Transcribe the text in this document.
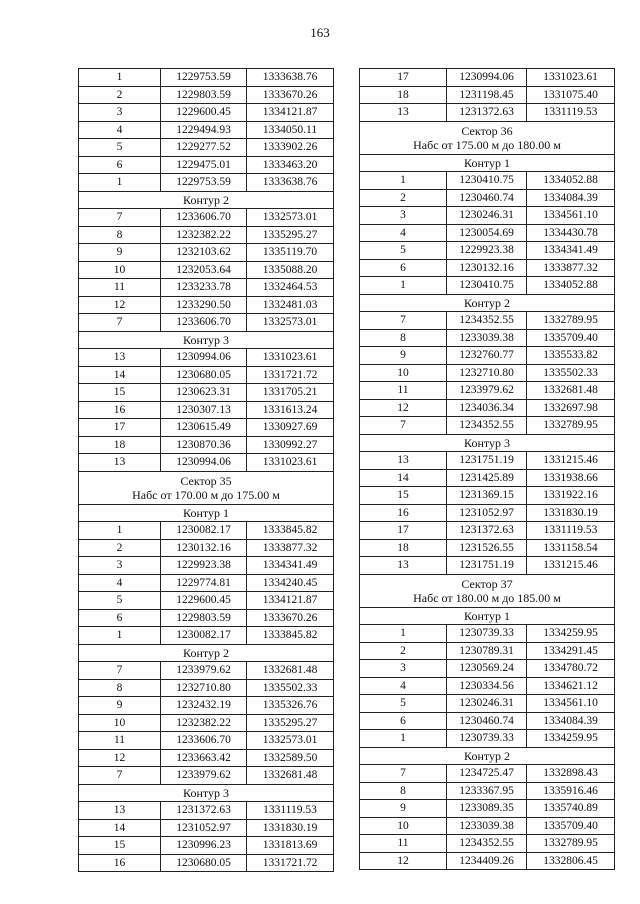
163
1	1229753.59	1333638.76
2	1229803.59	1333670.26
3	1229600.45	1334121.87
4	1229494.93	1334050.11
5	1229277.52	1333902.26
6	1229475.01	1333463.20
1	1229753.59	1333638.76
Контур 2		
7	1233606.70	1332573.01
8	1232382.22	1335295.27
9	1232103.62	1335119.70
10	1232053.64	1335088.20
11	1233233.78	1332464.53
12	1233290.50	1332481.03
7	1233606.70	1332573.01
Контур 3		
13	1230994.06	1331023.61
14	1230680.05	1331721.72
15	1230623.31	1331705.21
16	1230307.13	1331613.24
17	1230615.49	1330927.69
18	1230870.36	1330992.27
13	1230994.06	1331023.61

Сектор 35
Набс от 170.00 м до 175.00 м		

Контур 1		
1	1230082.17	1333845.82
2	1230132.16	1333877.32
3	1229923.38	1334341.49
4	1229774.81	1334240.45
5	1229600.45	1334121.87
6	1229803.59	1333670.26
1	1230082.17	1333845.82
Контур 2		
7	1233979.62	1332681.48
8	1232710.80	1335502.33
9	1232432.19	1335326.76
10	1232382.22	1335295.27
11	1233606.70	1332573.01
12	1233663.42	1332589.50
7	1233979.62	1332681.48
Контур 3		
13	1231372.63	1331119.53
14	1231052.97	1331830.19
15	1230996.23	1331813.69
16	1230680.05	1331721.72
17	1230994.06	1331023.61
18	1231198.45	1331075.40
13	1231372.63	1331119.53

Сектор 36
Набс от 175.00 м до 180.00 м		

Контур 1		
1	1230410.75	1334052.88
2	1230460.74	1334084.39
3	1230246.31	1334561.10
4	1230054.69	1334430.78
5	1229923.38	1334341.49
6	1230132.16	1333877.32
1	1230410.75	1334052.88
Контур 2		
7	1234352.55	1332789.95
8	1233039.38	1335709.40
9	1232760.77	1335533.82
10	1232710.80	1335502.33
11	1233979.62	1332681.48
12	1234036.34	1332697.98
7	1234352.55	1332789.95
Контур 3		
13	1231751.19	1331215.46
14	1231425.89	1331938.66
15	1231369.15	1331922.16
16	1231052.97	1331830.19
17	1231372.63	1331119.53
18	1231526.55	1331158.54
13	1231751.19	1331215.46

Сектор 37
Набс от 180.00 м до 185.00 м		

Контур 1		
1	1230739.33	1334259.95
2	1230789.31	1334291.45
3	1230569.24	1334780.72
4	1230334.56	1334621.12
5	1230246.31	1334561.10
6	1230460.74	1334084.39
1	1230739.33	1334259.95
Контур 2		
7	1234725.47	1332898.43
8	1233367.95	1335916.46
9	1233089.35	1335740.89
10	1233039.38	1335709.40
11	1234352.55	1332789.95
12	1234409.26	1332806.45
